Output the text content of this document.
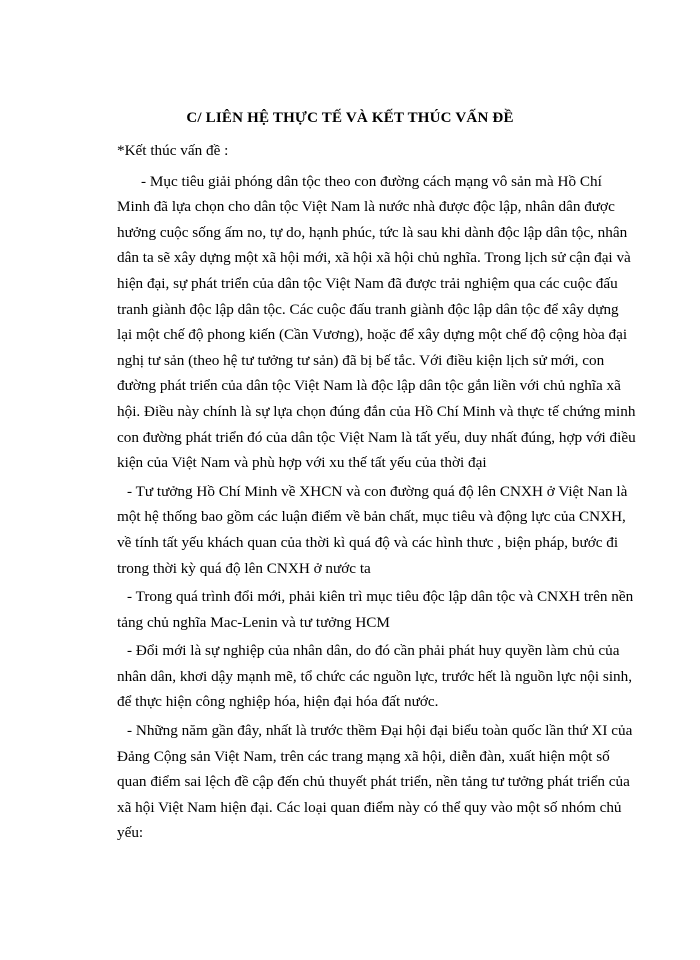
C/ LIÊN HỆ THỰC TẾ VÀ KẾT THÚC VẤN ĐỀ

*Kết thúc vấn đề :

- Mục tiêu giải phóng dân tộc theo con đường cách mạng vô sản mà Hồ Chí Minh đã lựa chọn cho dân tộc Việt Nam là nước nhà được độc lập, nhân dân được hưởng cuộc sống ấm no, tự do, hạnh phúc, tức là sau khi dành độc lập dân tộc, nhân dân ta sẽ xây dựng một xã hội mới, xã hội xã hội chủ nghĩa. Trong lịch sử cận đại và hiện đại, sự phát triển của dân tộc Việt Nam đã được trải nghiệm qua các cuộc đấu tranh giành độc lập dân tộc. Các cuộc đấu tranh giành độc lập dân tộc để xây dựng lại một chế độ phong kiến (Cần Vương), hoặc để xây dựng một chế độ cộng hòa đại nghị tư sản (theo hệ tư tưởng tư sản) đã bị bế tắc. Với điều kiện lịch sử mới, con đường phát triển của dân tộc Việt Nam là độc lập dân tộc gắn liền với chủ nghĩa xã hội. Điều này chính là sự lựa chọn đúng đắn của Hồ Chí Minh và thực tế chứng minh con đường phát triển đó của dân tộc Việt Nam là tất yếu, duy nhất đúng, hợp với điều kiện của Việt Nam và phù hợp với xu thế tất yếu của thời đại

- Tư tưởng Hồ Chí Minh về XHCN và con đường quá độ lên CNXH ở Việt Nan là một hệ thống bao gồm các luận điểm về bản chất, mục tiêu và động lực của CNXH, về tính tất yếu khách quan của thời kì quá độ và các hình thưc , biện pháp, bước đi trong thời kỳ quá độ lên CNXH ở nước ta

- Trong quá trình đổi mới, phải kiên trì mục tiêu độc lập dân tộc và CNXH trên nền tảng chủ nghĩa Mac-Lenin và tư tưởng HCM

- Đổi mới là sự nghiệp của nhân dân, do đó cần phải phát huy quyền làm chủ của nhân dân, khơi dậy mạnh mẽ, tổ chức các nguồn lực, trước hết là nguồn lực nội sinh, để thực hiện công nghiệp hóa, hiện đại hóa đất nước.

- Những năm gần đây, nhất là trước thềm Đại hội đại biểu toàn quốc lần thứ XI của Đảng Cộng sản Việt Nam, trên các trang mạng xã hội, diễn đàn, xuất hiện một số quan điểm sai lệch đề cập đến chủ thuyết phát triển, nền tảng tư tưởng phát triển của xã hội Việt Nam hiện đại. Các loại quan điểm này có thể quy vào một số nhóm chủ yếu:
